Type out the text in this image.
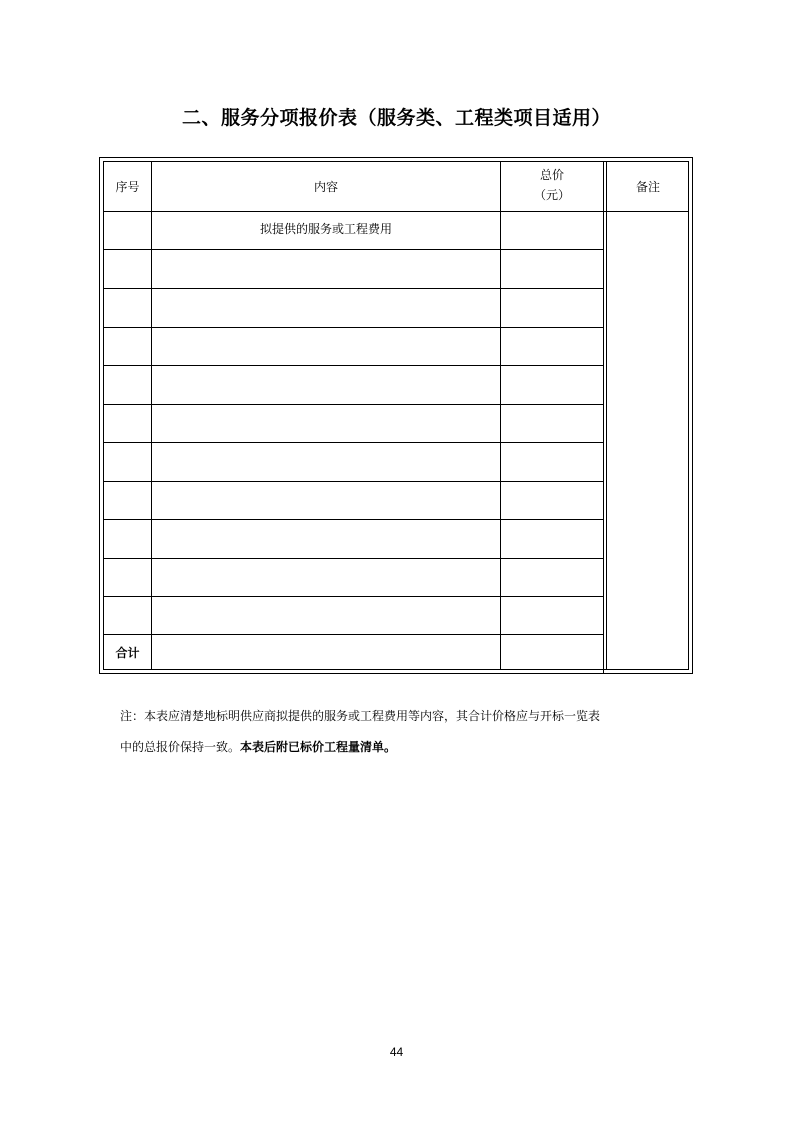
二、服务分项报价表（服务类、工程类项目适用）
序号	内容
总价
（元）
备注
拟提供的服务或工程费用
合计
注：本表应清楚地标明供应商拟提供的服务或工程费用等内容，其合计价格应与开标一览表
中的总报价保持一致。本表后附已标价工程量清单。
44
